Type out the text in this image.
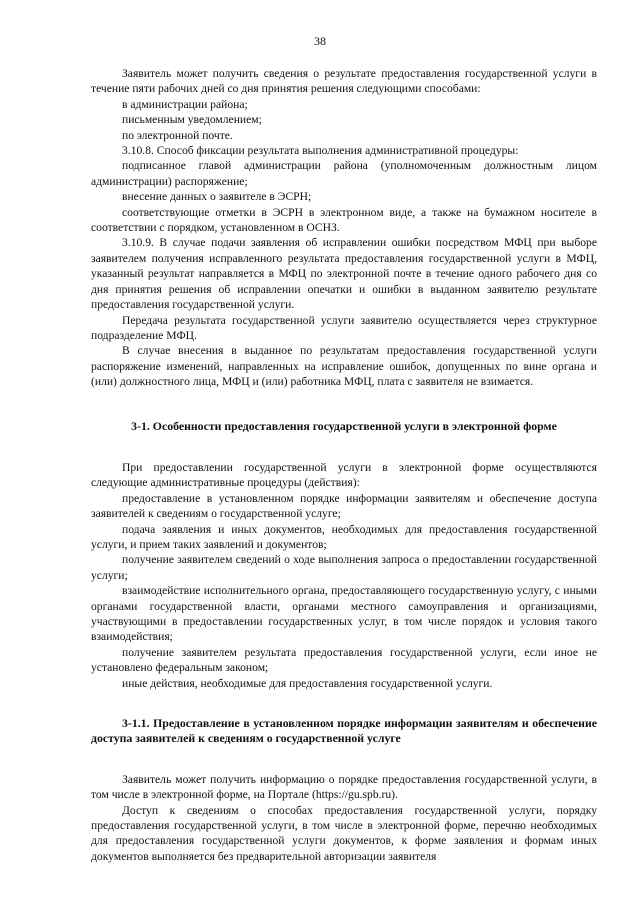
38

Заявитель может получить сведения о результате предоставления государственной услуги в течение пяти рабочих дней со дня принятия решения следующими способами:

в администрации района;

письменным уведомлением;

по электронной почте.

3.10.8. Способ фиксации результата выполнения административной процедуры:

подписанное главой администрации района (уполномоченным должностным лицом администрации) распоряжение;

внесение данных о заявителе в ЭСРН;

соответствующие отметки в ЭСРН в электронном виде, а также на бумажном носителе в соответствии с порядком, установленном в ОСНЗ.

3.10.9. В случае подачи заявления об исправлении ошибки посредством МФЦ при выборе заявителем получения исправленного результата предоставления государственной услуги в МФЦ, указанный результат направляется в МФЦ по электронной почте в течение одного рабочего дня со дня принятия решения об исправлении опечатки и ошибки в выданном заявителю результате предоставления государственной услуги.

Передача результата государственной услуги заявителю осуществляется через структурное подразделение МФЦ.

В случае внесения в выданное по результатам предоставления государственной услуги распоряжение изменений, направленных на исправление ошибок, допущенных по вине органа и (или) должностного лица, МФЦ и (или) работника МФЦ, плата с заявителя не взимается.

3-1. Особенности предоставления государственной услуги в электронной форме

При предоставлении государственной услуги в электронной форме осуществляются следующие административные процедуры (действия):

предоставление в установленном порядке информации заявителям и обеспечение доступа заявителей к сведениям о государственной услуге;

подача заявления и иных документов, необходимых для предоставления государственной услуги, и прием таких заявлений и документов;

получение заявителем сведений о ходе выполнения запроса о предоставлении государственной услуги;

взаимодействие исполнительного органа, предоставляющего государственную услугу, с иными органами государственной власти, органами местного самоуправления и организациями, участвующими в предоставлении государственных услуг, в том числе порядок и условия такого взаимодействия;

получение заявителем результата предоставления государственной услуги, если иное не установлено федеральным законом;

иные действия, необходимые для предоставления государственной услуги.

3-1.1. Предоставление в установленном порядке информации заявителям и обеспечение доступа заявителей к сведениям о государственной услуге

Заявитель может получить информацию о порядке предоставления государственной услуги, в том числе в электронной форме, на Портале (https://gu.spb.ru).

Доступ к сведениям о способах предоставления государственной услуги, порядку предоставления государственной услуги, в том числе в электронной форме, перечню необходимых для предоставления государственной услуги документов, к форме заявления и формам иных документов выполняется без предварительной авторизации заявителя
